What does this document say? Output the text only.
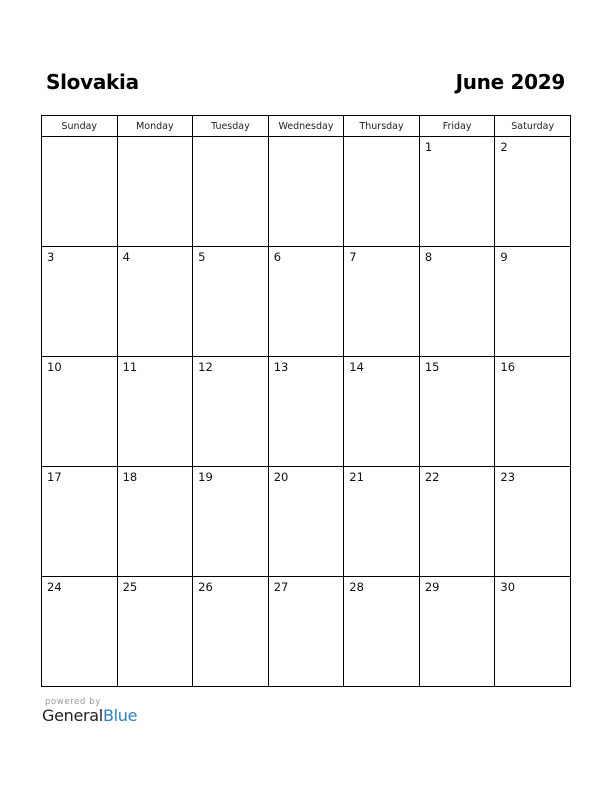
Slovakia	June 2029
Sunday	Monday	Tuesday	Wednesday	Thursday	Friday	Saturday

					1	2

3	4	5	6	7	8	9

10	11	12	13	14	15	16

17	18	19	20	21	22	23

24	25	26	27	28	29	30
powered by
GeneralBlue
